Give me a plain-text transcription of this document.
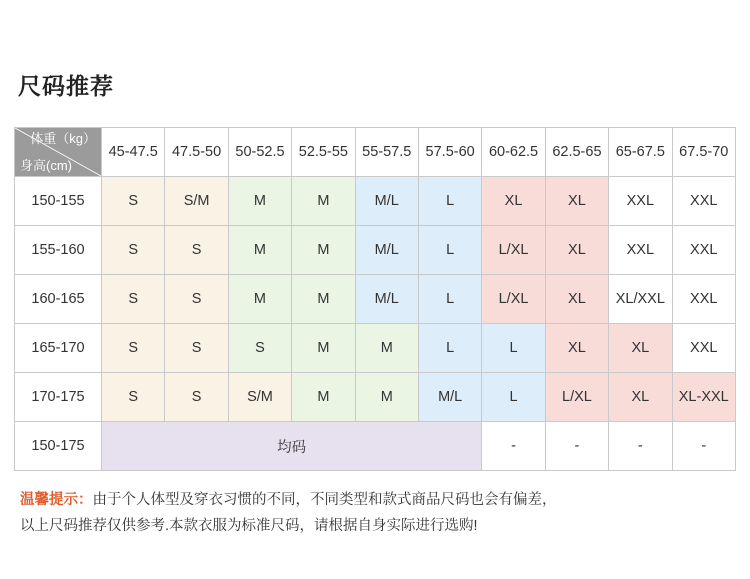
尺码推荐
体重（kg）
身高(cm)	45-47.5	47.5-50	50-52.5	52.5-55	55-57.5	57.5-60	60-62.5	62.5-65	65-67.5	67.5-70
150-155	S	S/M	M	M	M/L	L	XL	XL	XXL	XXL
155-160	S	S	M	M	M/L	L	L/XL	XL	XXL	XXL
160-165	S	S	M	M	M/L	L	L/XL	XL	XL/XXL	XXL
165-170	S	S	S	M	M	L	L	XL	XL	XXL
170-175	S	S	S/M	M	M	M/L	L	L/XL	XL	XL-XXL
150-175	均码						-	-	-	-
温馨提示：由于个人体型及穿衣习惯的不同，不同类型和款式商品尺码也会有偏差，
以上尺码推荐仅供参考.本款衣服为标准尺码，请根据自身实际进行选购!
